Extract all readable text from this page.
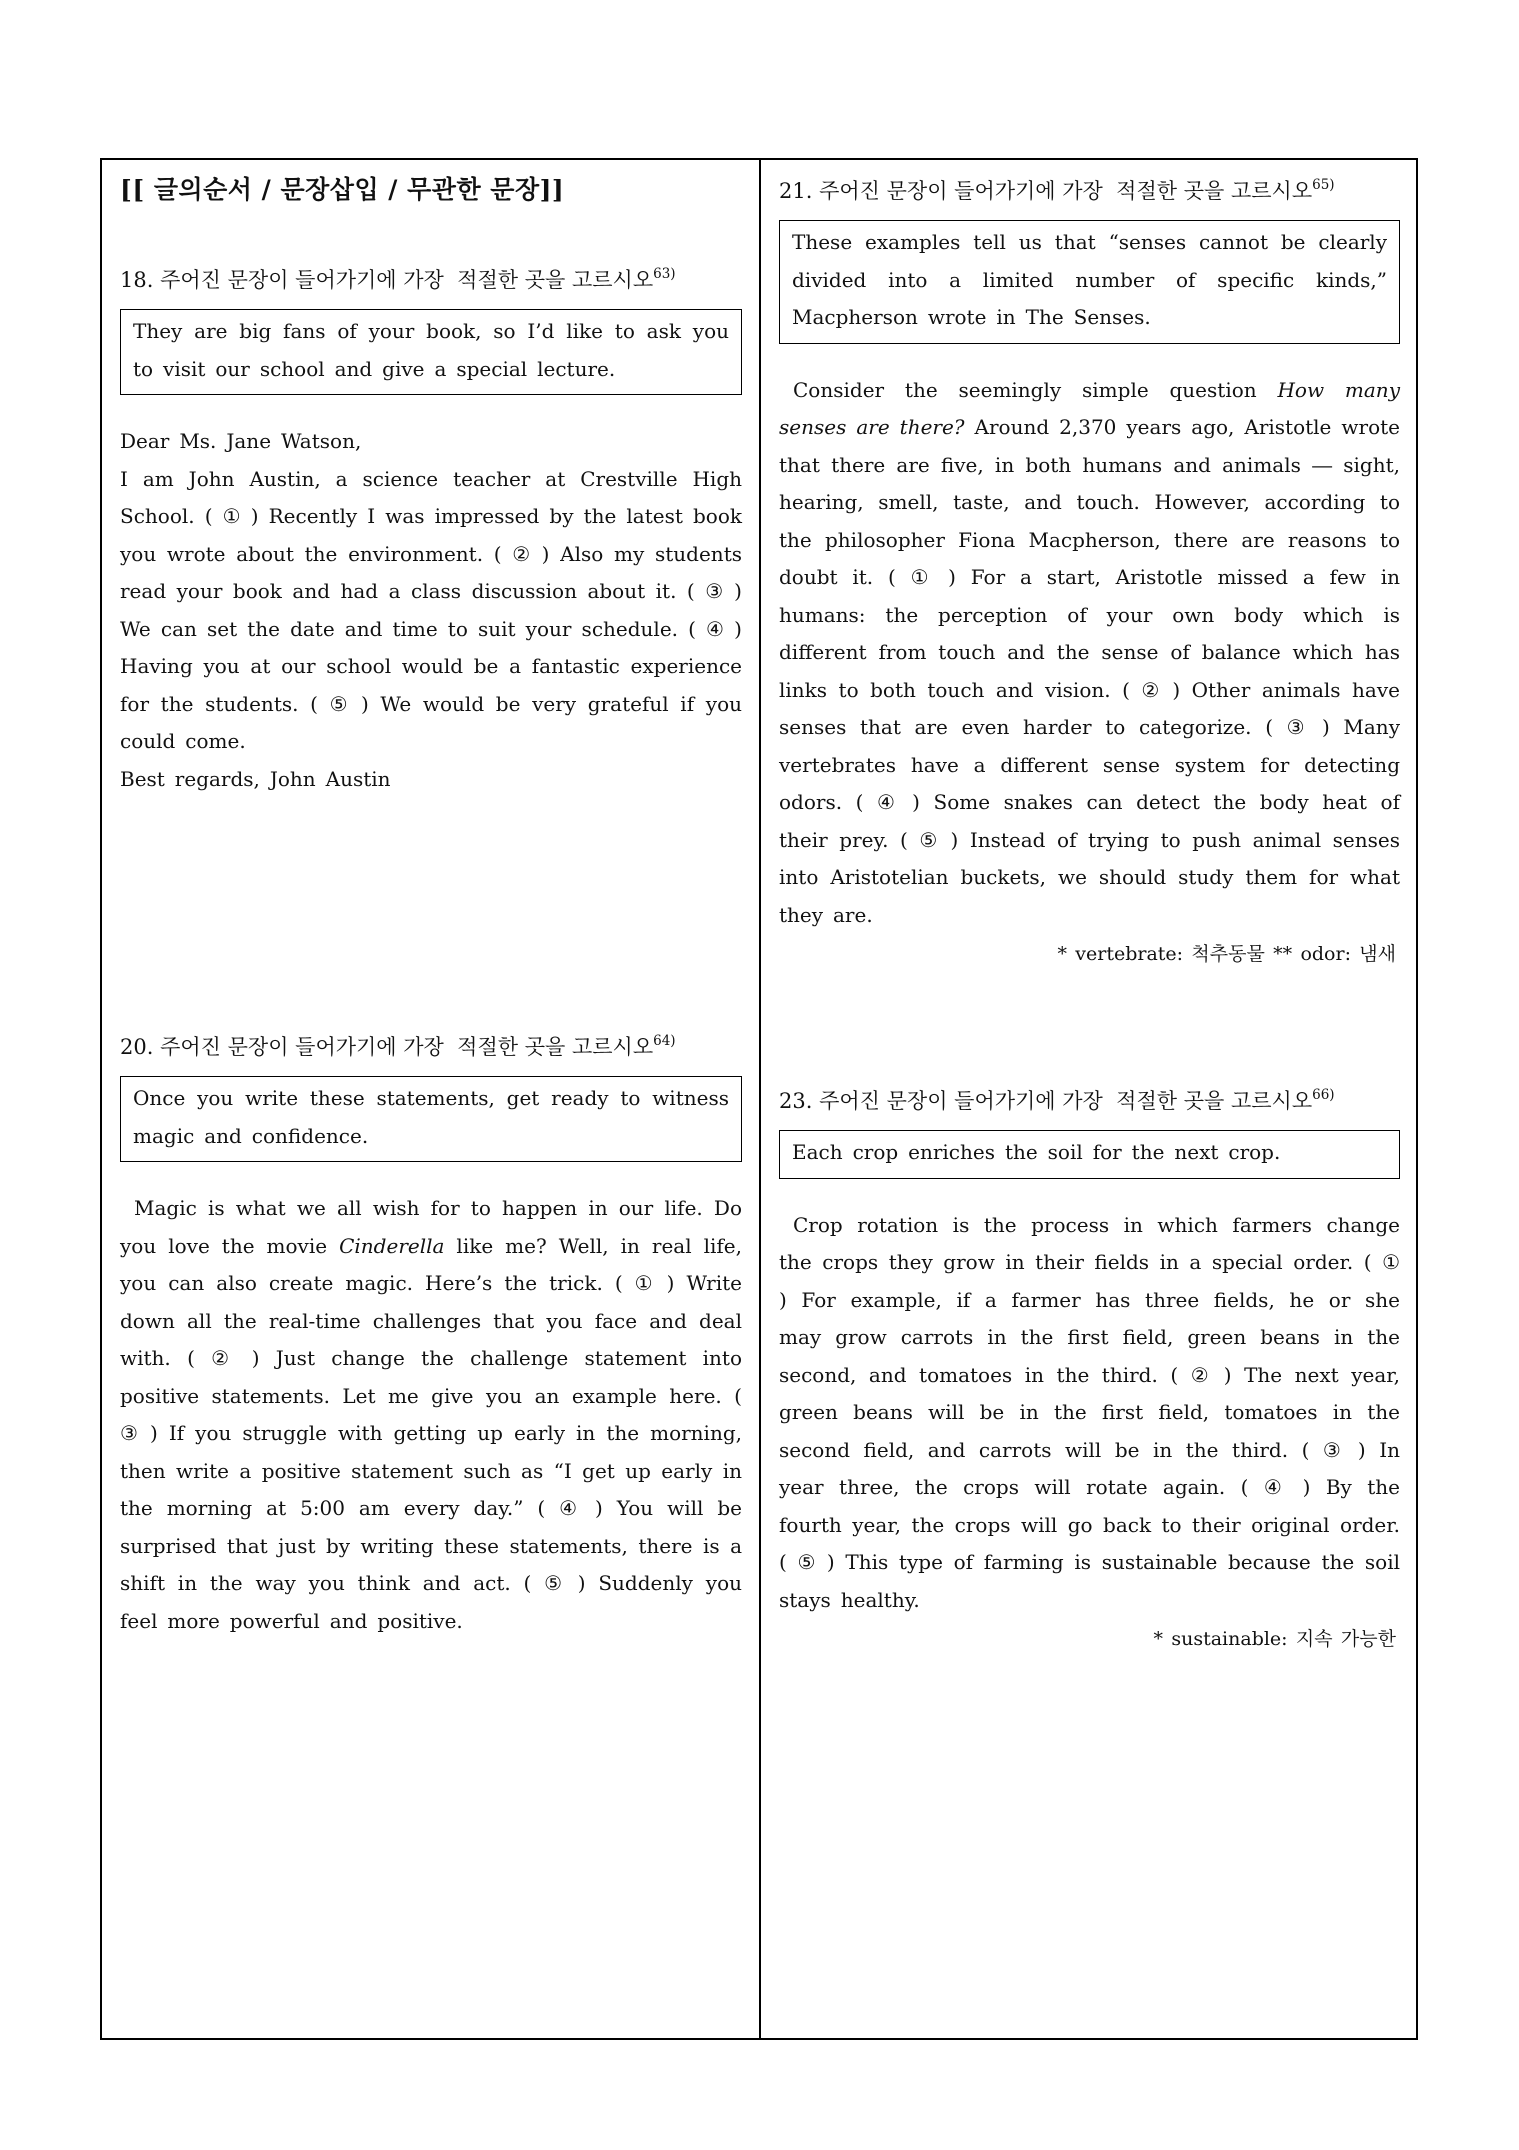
[[ 글의순서 / 문장삽입 / 무관한 문장]]
18. 주어진 문장이 들어가기에 가장  적절한 곳을 고르시오$^{63)}$
They are big fans of your book, so I’d like to ask you to visit our school and give a special lecture.

Dear Ms. Jane Watson,

I am John Austin, a science teacher at Crestville High School. ( ① ) Recently I was impressed by the latest book you wrote about the environment. ( ② ) Also my students read your book and had a class discussion about it. ( ③ ) We can set the date and time to suit your schedule. ( ④ ) Having you at our school would be a fantastic experience for the students. ( ⑤ ) We would be very grateful if you could come.

Best regards, John Austin

20. 주어진 문장이 들어가기에 가장  적절한 곳을 고르시오$^{64)}$
Once you write these statements, get ready to witness magic and confidence.

Magic is what we all wish for to happen in our life. Do you love the movie Cinderella like me? Well, in real life, you can also create magic. Here’s the trick. ( ① ) Write down all the real-time challenges that you face and deal with. ( ② ) Just change the challenge statement into positive statements. Let me give you an example here. ( ③ ) If you struggle with getting up early in the morning, then write a positive statement such as “I get up early in the morning at 5:00 am every day.” ( ④ ) You will be surprised that just by writing these statements, there is a shift in the way you think and act. ( ⑤ ) Suddenly you feel more powerful and positive.

21. 주어진 문장이 들어가기에 가장  적절한 곳을 고르시오$^{65)}$
These examples tell us that “senses cannot be clearly divided into a limited number of specific kinds,” Macpherson wrote in The Senses.

Consider the seemingly simple question How many senses are there? Around 2,370 years ago, Aristotle wrote that there are five, in both humans and animals ― sight, hearing, smell, taste, and touch. However, according to the philosopher Fiona Macpherson, there are reasons to doubt it. ( ① ) For a start, Aristotle missed a few in humans: the perception of your own body which is different from touch and the sense of balance which has links to both touch and vision. ( ② ) Other animals have senses that are even harder to categorize. ( ③ ) Many vertebrates have a different sense system for detecting odors. ( ④ ) Some snakes can detect the body heat of their prey. ( ⑤ ) Instead of trying to push animal senses into Aristotelian buckets, we should study them for what they are.

* vertebrate: 척추동물 ** odor: 냄새

23. 주어진 문장이 들어가기에 가장  적절한 곳을 고르시오$^{66)}$
Each crop enriches the soil for the next crop.

Crop rotation is the process in which farmers change the crops they grow in their fields in a special order. ( ① ) For example, if a farmer has three fields, he or she may grow carrots in the first field, green beans in the second, and tomatoes in the third. ( ② ) The next year, green beans will be in the first field, tomatoes in the second field, and carrots will be in the third. ( ③ ) In year three, the crops will rotate again. ( ④ ) By the fourth year, the crops will go back to their original order. ( ⑤ ) This type of farming is sustainable because the soil stays healthy.

* sustainable: 지속 가능한
